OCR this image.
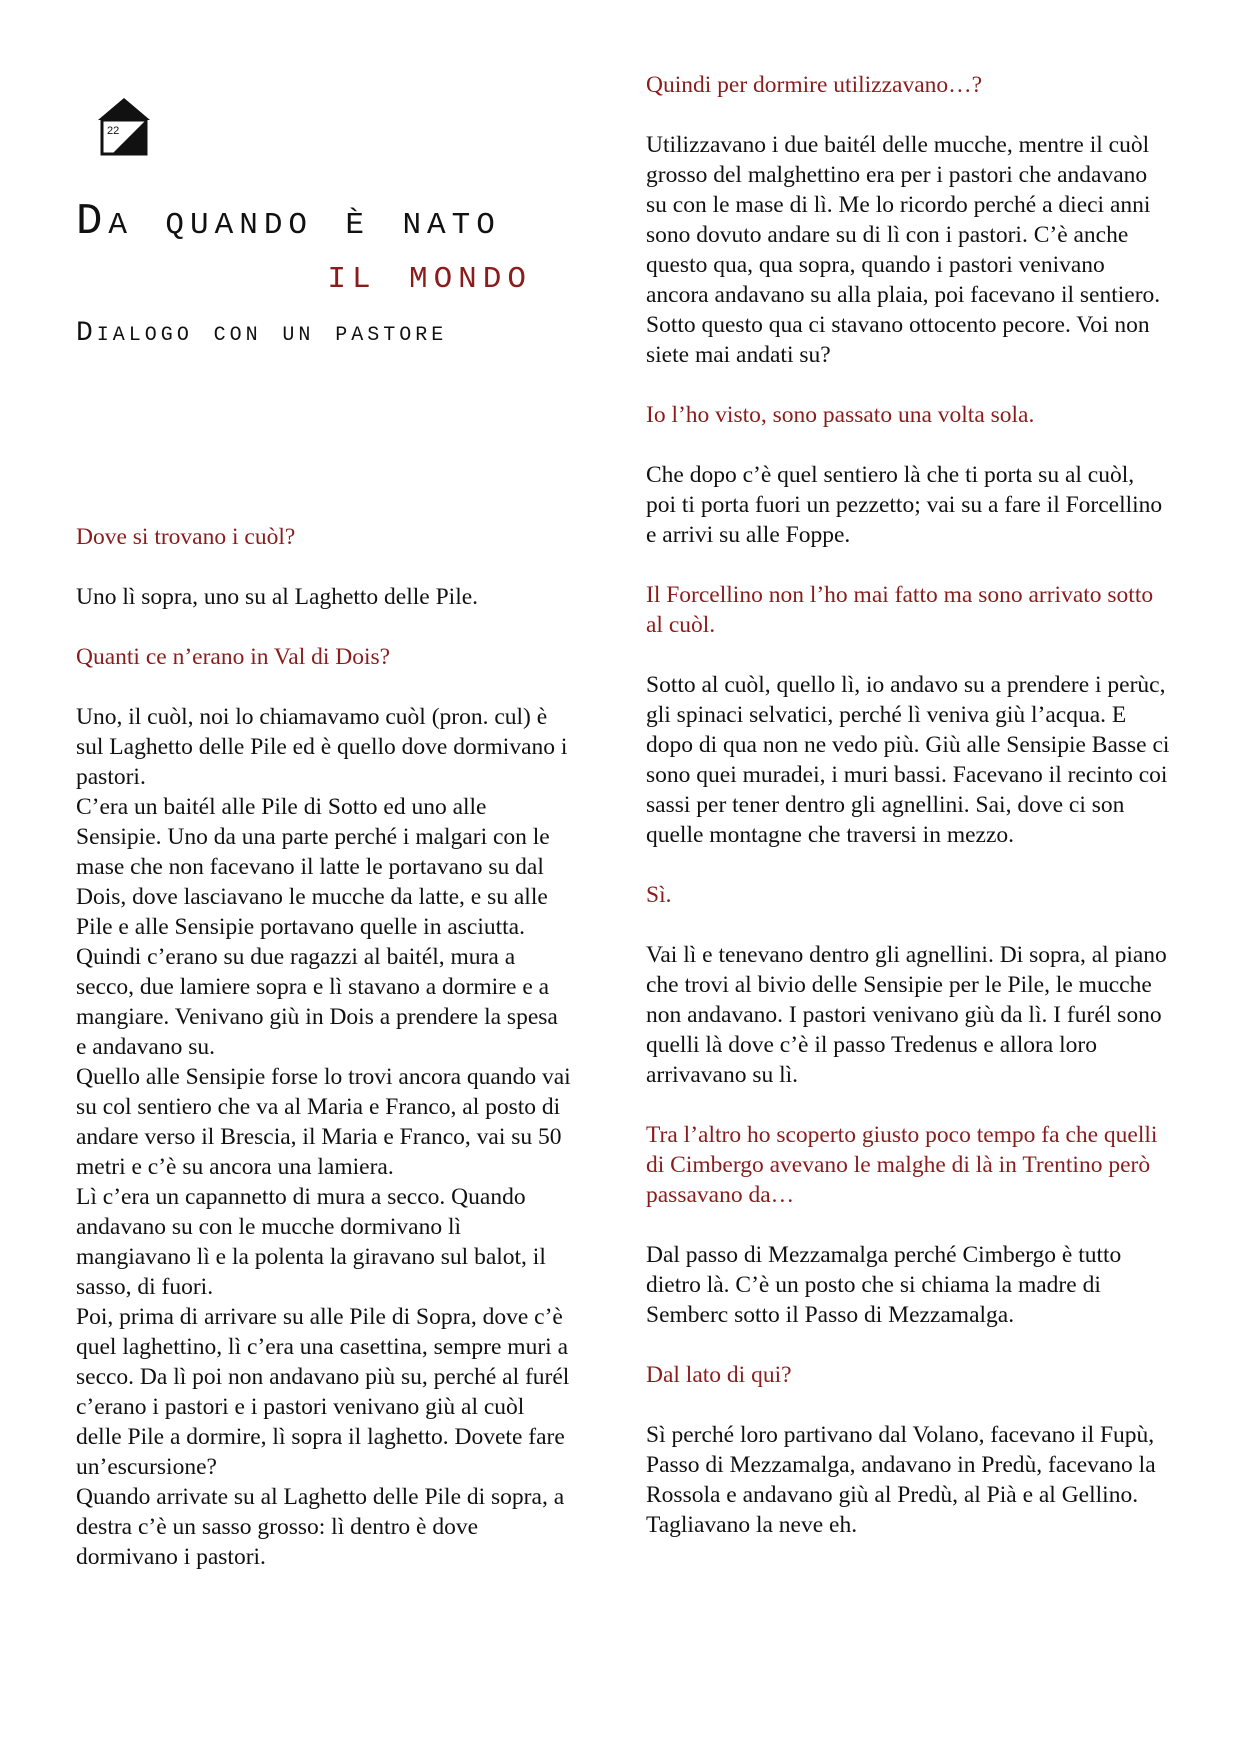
22
Da quando è nato
il mondo
Dialogo con un pastore

Dove si trovano i cuòl?

Uno lì sopra, uno su al Laghetto delle Pile.

Quanti ce n’erano in Val di Dois?

Uno, il cuòl, noi lo chiamavamo cuòl (pron. cul) è sul Laghetto delle Pile ed è quello dove dormivano i pastori.
C’era un baitél alle Pile di Sotto ed uno alle Sensipie. Uno da una parte perché i malgari con le mase che non facevano il latte le portavano su dal Dois, dove lasciavano le mucche da latte, e su alle Pile e alle Sensipie portavano quelle in asciutta. Quindi c’erano su due ragazzi al baitél, mura a secco, due lamiere sopra e lì stavano a dormire e a mangiare. Venivano giù in Dois a prendere la spesa e andavano su.
Quello alle Sensipie forse lo trovi ancora quando vai su col sentiero che va al Maria e Franco, al posto di andare verso il Brescia, il Maria e Franco, vai su 50 metri e c’è su ancora una lamiera.
Lì c’era un capannetto di mura a secco. Quando andavano su con le mucche dormivano lì mangiavano lì e la polenta la giravano sul balot, il sasso, di fuori.
Poi, prima di arrivare su alle Pile di Sopra, dove c’è quel laghettino, lì c’era una casettina, sempre muri a secco. Da lì poi non andavano più su, perché al furél c’erano i pastori e i pastori venivano giù al cuòl delle Pile a dormire, lì sopra il laghetto. Dovete fare un’escursione?
Quando arrivate su al Laghetto delle Pile di sopra, a destra c’è un sasso grosso: lì dentro è dove dormivano i pastori.

Quindi per dormire utilizzavano…?

Utilizzavano i due baitél delle mucche, mentre il cuòl grosso del malghettino era per i pastori che andavano su con le mase di lì. Me lo ricordo perché a dieci anni sono dovuto andare su di lì con i pastori. C’è anche questo qua, qua sopra, quando i pastori venivano ancora andavano su alla plaia, poi facevano il sentiero. Sotto questo qua ci stavano ottocento pecore. Voi non siete mai andati su?

Io l’ho visto, sono passato una volta sola.

Che dopo c’è quel sentiero là che ti porta su al cuòl, poi ti porta fuori un pezzetto; vai su a fare il Forcellino e arrivi su alle Foppe.

Il Forcellino non l’ho mai fatto ma sono arrivato sotto al cuòl.

Sotto al cuòl, quello lì, io andavo su a prendere i perùc, gli spinaci selvatici, perché lì veniva giù l’acqua. E dopo di qua non ne vedo più. Giù alle Sensipie Basse ci sono quei muradei, i muri bassi. Facevano il recinto coi sassi per tener dentro gli agnellini. Sai, dove ci son quelle montagne che traversi in mezzo.

Sì.

Vai lì e tenevano dentro gli agnellini. Di sopra, al piano che trovi al bivio delle Sensipie per le Pile, le mucche non andavano. I pastori venivano giù da lì. I furél sono quelli là dove c’è il passo Tredenus e allora loro arrivavano su lì.

Tra l’altro ho scoperto giusto poco tempo fa che quelli di Cimbergo avevano le malghe di là in Trentino però passavano da…

Dal passo di Mezzamalga perché Cimbergo è tutto dietro là. C’è un posto che si chiama la madre di Semberc sotto il Passo di Mezzamalga.

Dal lato di qui?

Sì perché loro partivano dal Volano, facevano il Fupù, Passo di Mezzamalga, andavano in Predù, facevano la Rossola e andavano giù al Predù, al Pià e al Gellino. Tagliavano la neve eh.
